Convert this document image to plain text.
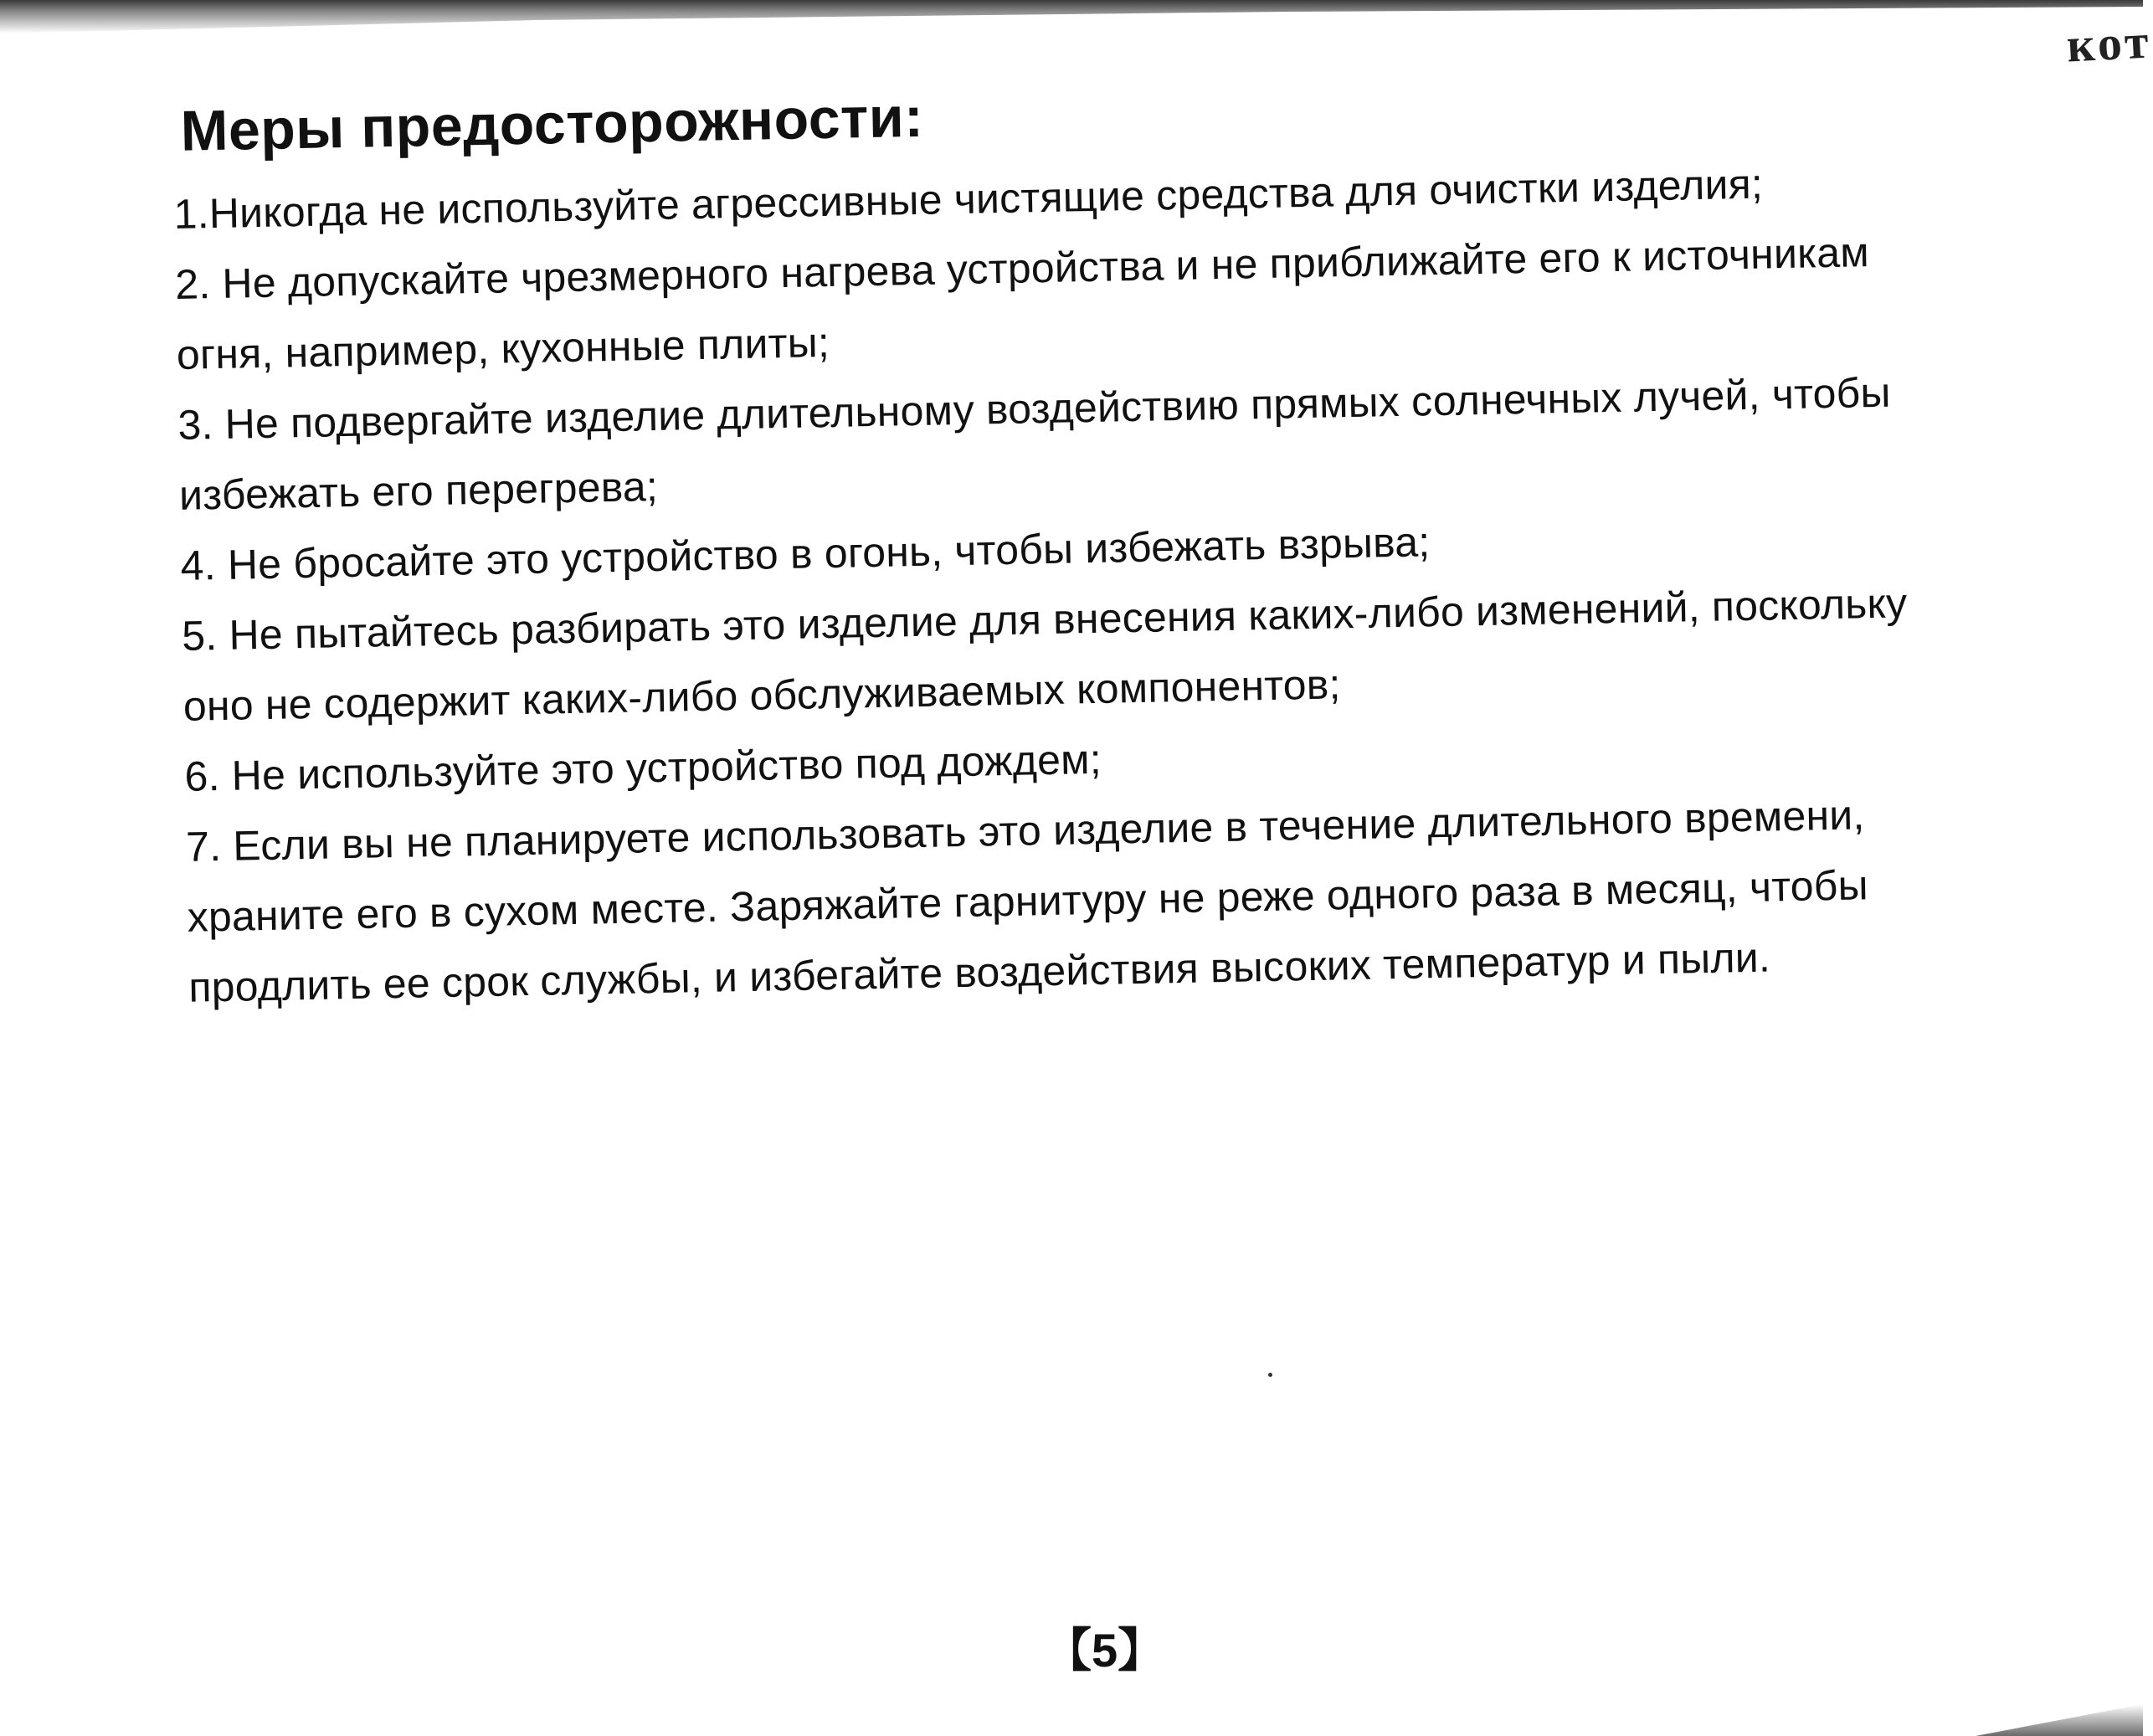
кот
Меры предосторожности:

1.Никогда не используйте агрессивные чистящие средства для очистки изделия;

2. Не допускайте чрезмерного нагрева устройства и не приближайте его к источникам огня, например, кухонные плиты;

3. Не подвергайте изделие длительному воздействию прямых солнечных лучей, чтобы избежать его перегрева;

4. Не бросайте это устройство в огонь, чтобы избежать взрыва;

5. Не пытайтесь разбирать это изделие для внесения каких-либо изменений, поскольку оно не содержит каких-либо обслуживаемых компонентов;

6. Не используйте это устройство под дождем;

7. Если вы не планируете использовать это изделие в течение длительного времени, храните его в сухом месте. Заряжайте гарнитуру не реже одного раза в месяц, чтобы продлить ее срок службы, и избегайте воздействия высоких температур и пыли.

【5】
